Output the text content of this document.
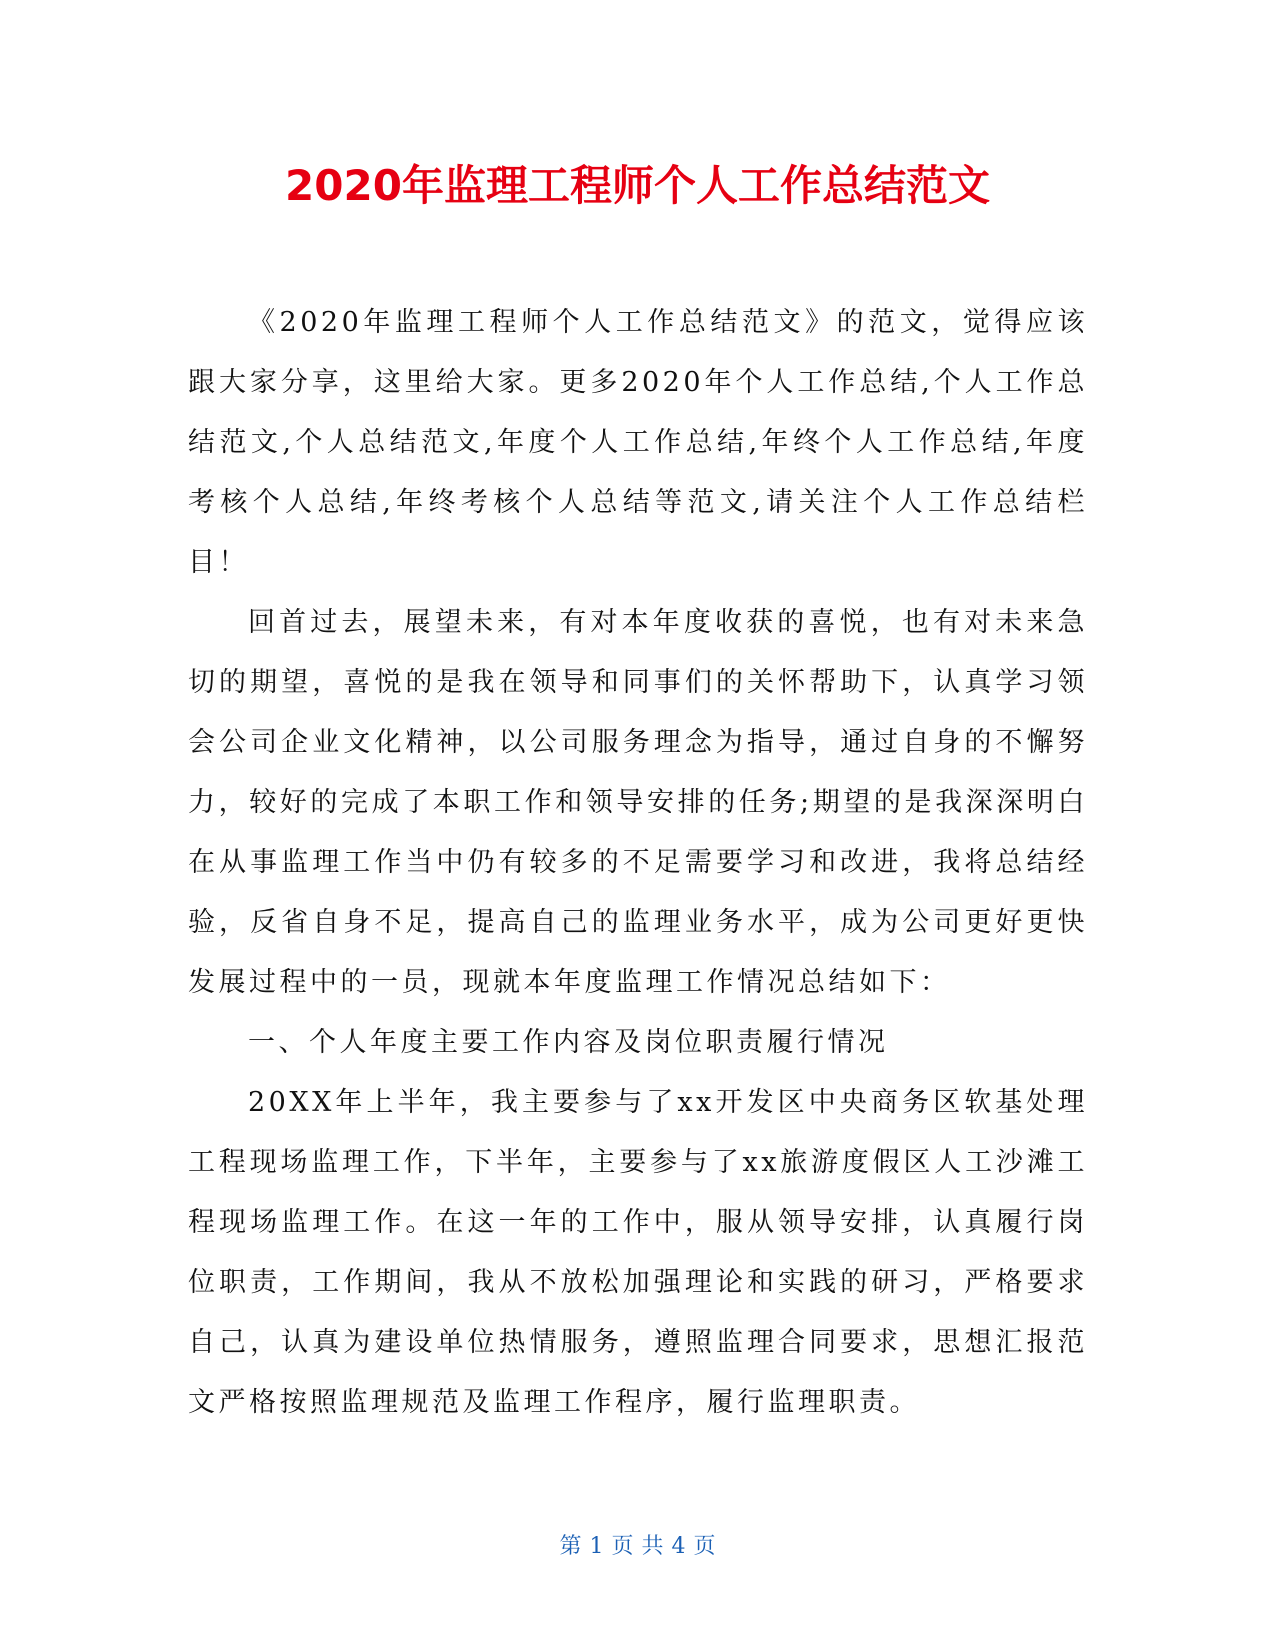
2020年监理工程师个人工作总结范文

《2020年监理工程师个人工作总结范文》的范文，觉得应该跟大家分享，这里给大家。更多2020年个人工作总结,个人工作总结范文,个人总结范文,年度个人工作总结,年终个人工作总结,年度考核个人总结,年终考核个人总结等范文,请关注个人工作总结栏目！

回首过去，展望未来，有对本年度收获的喜悦，也有对未来急切的期望，喜悦的是我在领导和同事们的关怀帮助下，认真学习领会公司企业文化精神，以公司服务理念为指导，通过自身的不懈努力，较好的完成了本职工作和领导安排的任务;期望的是我深深明白在从事监理工作当中仍有较多的不足需要学习和改进，我将总结经验，反省自身不足，提高自己的监理业务水平，成为公司更好更快发展过程中的一员，现就本年度监理工作情况总结如下：

一、个人年度主要工作内容及岗位职责履行情况

20XX年上半年，我主要参与了xx开发区中央商务区软基处理工程现场监理工作，下半年，主要参与了xx旅游度假区人工沙滩工程现场监理工作。在这一年的工作中，服从领导安排，认真履行岗位职责，工作期间，我从不放松加强理论和实践的研习，严格要求自己，认真为建设单位热情服务，遵照监理合同要求，思想汇报范文严格按照监理规范及监理工作程序，履行监理职责。

第 1 页 共 4 页
